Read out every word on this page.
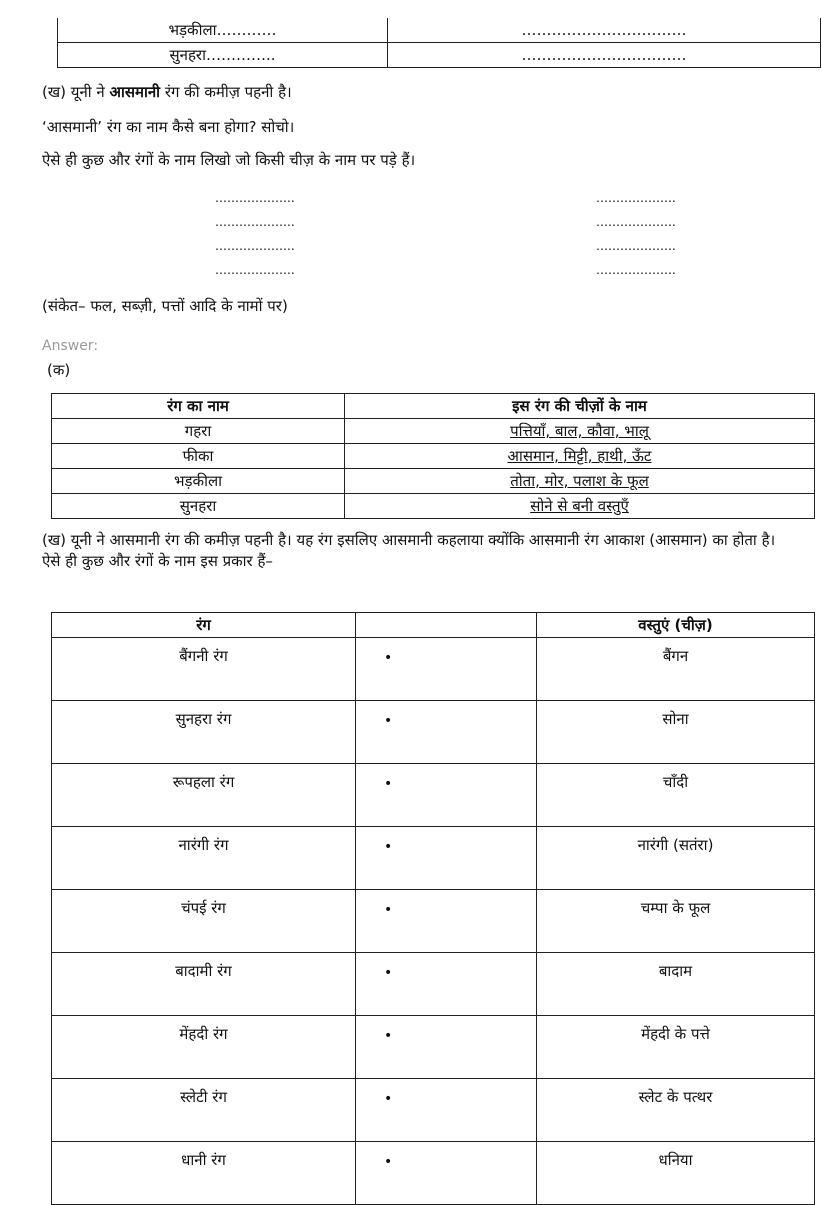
भड़कीला…………	……………………………
सुनहरा…………..	……………………………
(ख) यूनी ने आसमानी रंग की कमीज़ पहनी है।
‘आसमानी’ रंग का नाम कैसे बना होगा? सोचो।
ऐसे ही कुछ और रंगों के नाम लिखो जो किसी चीज़ के नाम पर पड़े हैं।
………………..
………………..
………………..
………………..
………………..
………………..
………………..
………………..
(संकेत– फल, सब्ज़ी, पत्तों आदि के नामों पर)
Answer:
(क)
रंग का नाम	इस रंग की चीज़ों के नाम
गहरा	पत्तियाँ, बाल, कौवा, भालू
फीका	आसमान, मिट्टी, हाथी, ऊँट
भड़कीला	तोता, मोर, पलाश के फूल
सुनहरा	सोने से बनी वस्तुएँ
(ख) यूनी ने आसमानी रंग की कमीज़ पहनी है। यह रंग इसलिए आसमानी कहलाया क्योंकि आसमानी रंग आकाश (आसमान) का होता है।
ऐसे ही कुछ और रंगों के नाम इस प्रकार हैं–
रंग		वस्तुएं (चीज़)
बैंगनी रंग	•	बैंगन
सुनहरा रंग	•	सोना
रूपहला रंग	•	चाँदी
नारंगी रंग	•	नारंगी (सतंरा)
चंपई रंग	•	चम्पा के फूल
बादामी रंग	•	बादाम
मेंहदी रंग	•	मेंहदी के पत्ते
स्लेटी रंग	•	स्लेट के पत्थर
धानी रंग	•	धनिया
